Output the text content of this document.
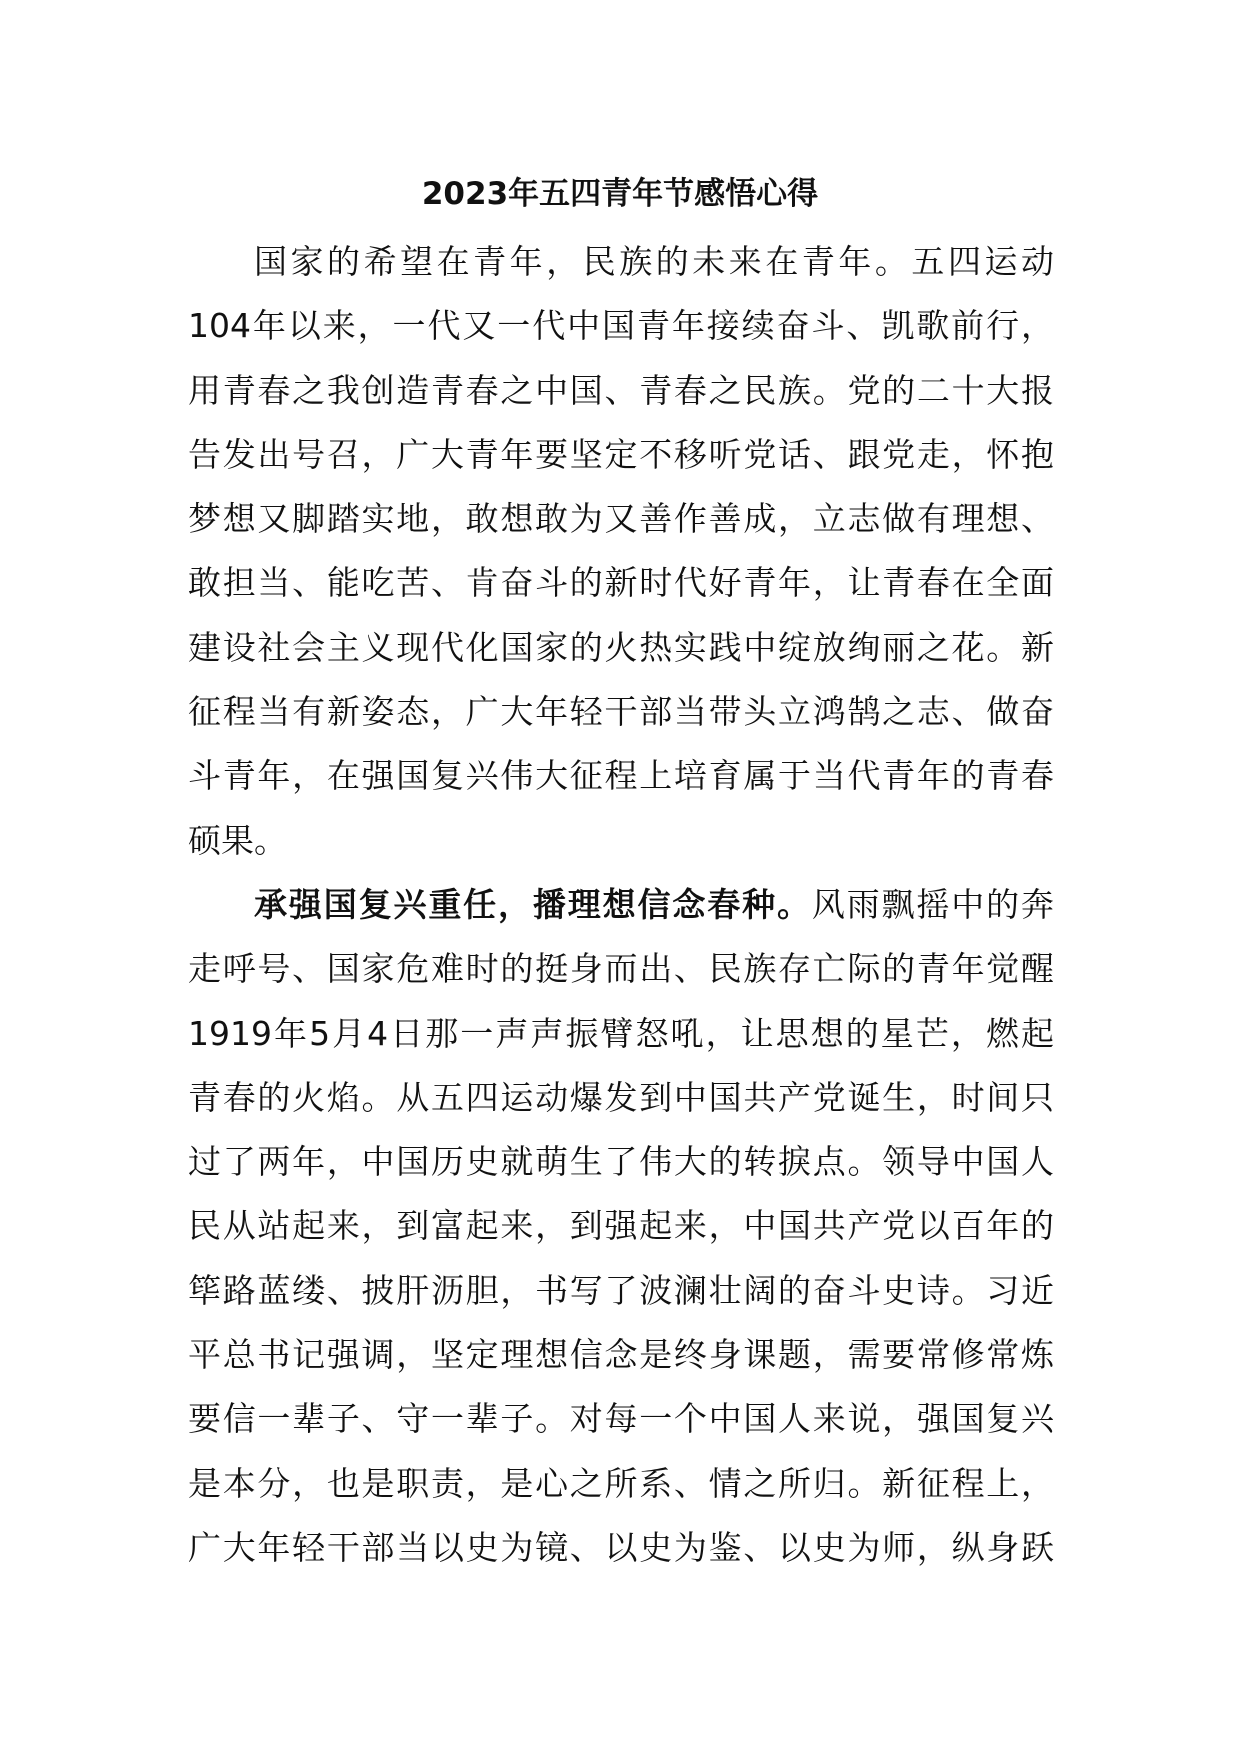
2023年五四青年节感悟心得
国家的希望在青年，民族的未来在青年。五四运动
104年以来，一代又一代中国青年接续奋斗、凯歌前行，
用青春之我创造青春之中国、青春之民族。党的二十大报
告发出号召，广大青年要坚定不移听党话、跟党走，怀抱
梦想又脚踏实地，敢想敢为又善作善成，立志做有理想、
敢担当、能吃苦、肯奋斗的新时代好青年，让青春在全面
建设社会主义现代化国家的火热实践中绽放绚丽之花。新
征程当有新姿态，广大年轻干部当带头立鸿鹄之志、做奋
斗青年，在强国复兴伟大征程上培育属于当代青年的青春
硕果。
承强国复兴重任，播理想信念春种。风雨飘摇中的奔
走呼号、国家危难时的挺身而出、民族存亡际的青年觉醒
1919年5月4日那一声声振臂怒吼，让思想的星芒，燃起
青春的火焰。从五四运动爆发到中国共产党诞生，时间只
过了两年，中国历史就萌生了伟大的转捩点。领导中国人
民从站起来，到富起来，到强起来，中国共产党以百年的
筚路蓝缕、披肝沥胆，书写了波澜壮阔的奋斗史诗。习近
平总书记强调，坚定理想信念是终身课题，需要常修常炼
要信一辈子、守一辈子。对每一个中国人来说，强国复兴
是本分，也是职责，是心之所系、情之所归。新征程上，
广大年轻干部当以史为镜、以史为鉴、以史为师，纵身跃
